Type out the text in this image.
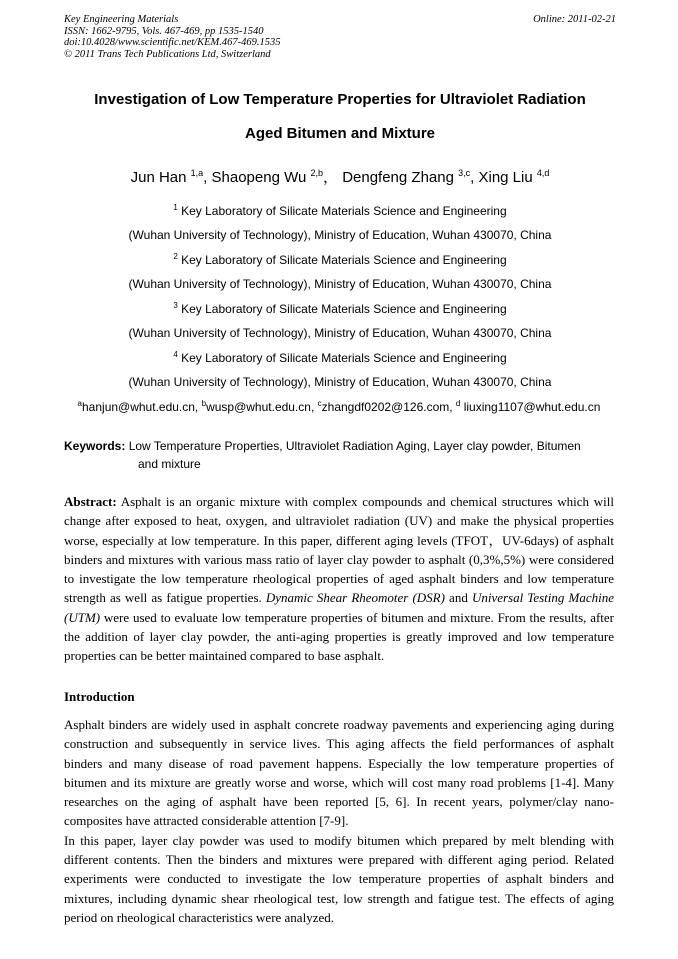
Key Engineering Materials
ISSN: 1662-9795, Vols. 467-469, pp 1535-1540
doi:10.4028/www.scientific.net/KEM.467-469.1535
© 2011 Trans Tech Publications Ltd, Switzerland
Online: 2011-02-21
Investigation of Low Temperature Properties for Ultraviolet Radiation
Aged Bitumen and Mixture
Jun Han $^{1,a}$, Shaopeng Wu $^{2,b}$， Dengfeng Zhang $^{3,c}$, Xing Liu $^{4,d}$
$^1$ Key Laboratory of Silicate Materials Science and Engineering
(Wuhan University of Technology), Ministry of Education, Wuhan 430070, China
$^2$ Key Laboratory of Silicate Materials Science and Engineering
(Wuhan University of Technology), Ministry of Education, Wuhan 430070, China
$^3$ Key Laboratory of Silicate Materials Science and Engineering
(Wuhan University of Technology), Ministry of Education, Wuhan 430070, China
$^4$ Key Laboratory of Silicate Materials Science and Engineering
(Wuhan University of Technology), Ministry of Education, Wuhan 430070, China
$^a$hanjun@whut.edu.cn, $^b$wusp@whut.edu.cn, $^c$zhangdf0202@126.com, $^d$ liuxing1107@whut.edu.cn
Keywords: Low Temperature Properties, Ultraviolet Radiation Aging, Layer clay powder, Bitumen
and mixture
Abstract: Asphalt is an organic mixture with complex compounds and chemical structures which will change after exposed to heat, oxygen, and ultraviolet radiation (UV) and make the physical properties worse, especially at low temperature. In this paper, different aging levels (TFOT，UV-6days) of asphalt binders and mixtures with various mass ratio of layer clay powder to asphalt (0,3%,5%) were considered to investigate the low temperature rheological properties of aged asphalt binders and low temperature strength as well as fatigue properties. Dynamic Shear Rheomoter (DSR) and Universal Testing Machine (UTM) were used to evaluate low temperature properties of bitumen and mixture. From the results, after the addition of layer clay powder, the anti-aging properties is greatly improved and low temperature properties can be better maintained compared to base asphalt.
Introduction

Asphalt binders are widely used in asphalt concrete roadway pavements and experiencing aging during construction and subsequently in service lives. This aging affects the field performances of asphalt binders and many disease of road pavement happens. Especially the low temperature properties of bitumen and its mixture are greatly worse and worse, which will cost many road problems [1-4]. Many researches on the aging of asphalt have been reported [5, 6]. In recent years, polymer/clay nano-composites have attracted considerable attention [7-9].

In this paper, layer clay powder was used to modify bitumen which prepared by melt blending with different contents. Then the binders and mixtures were prepared with different aging period. Related experiments were conducted to investigate the low temperature properties of asphalt binders and mixtures, including dynamic shear rheological test, low strength and fatigue test. The effects of aging period on rheological characteristics were analyzed.
